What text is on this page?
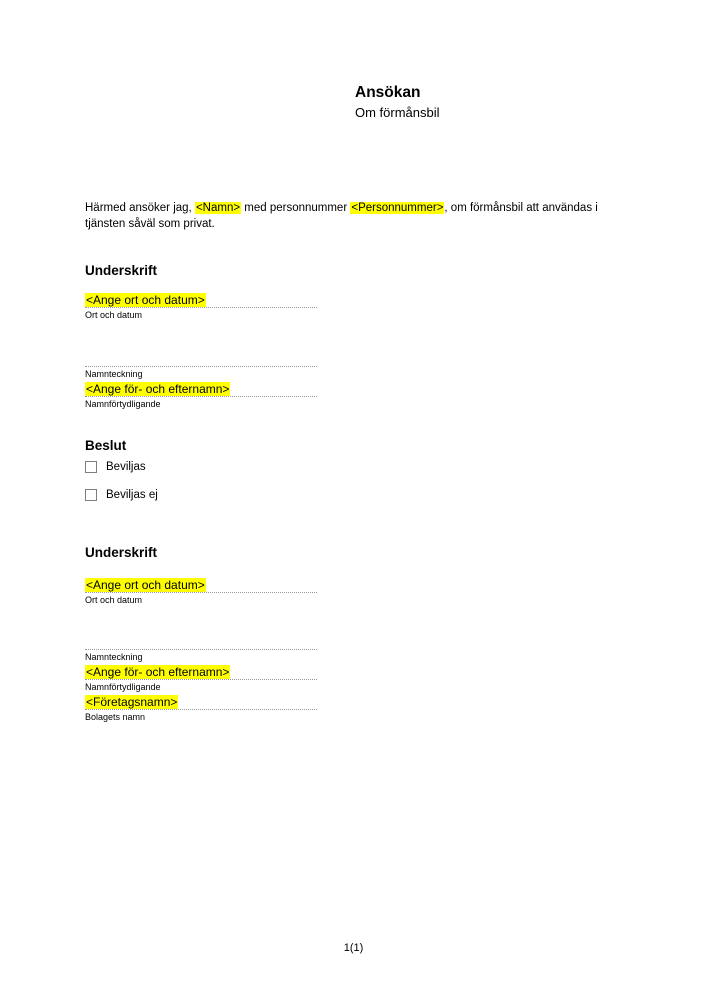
Ansökan
Om förmånsbil

Härmed ansöker jag, <Namn> med personnummer <Personnummer>, om förmånsbil att användas i tjänsten såväl som privat.

Underskrift
<Ange ort och datum>
Ort och datum
Namnteckning
<Ange för- och efternamn>
Namnförtydligande
Beslut
Beviljas
Beviljas ej
Underskrift
<Ange ort och datum>
Ort och datum
Namnteckning
<Ange för- och efternamn>
Namnförtydligande
<Företagsnamn>
Bolagets namn
1(1)
